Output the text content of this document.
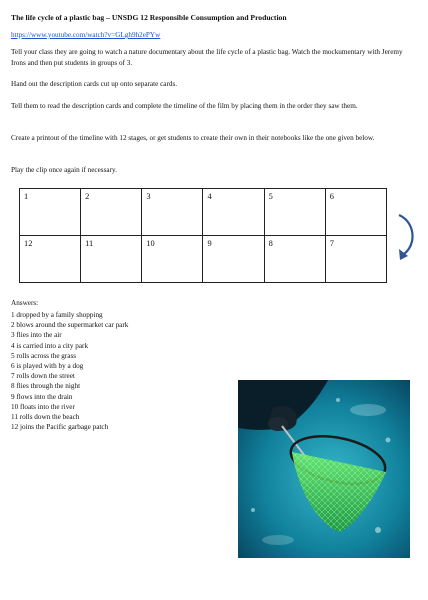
The life cycle of a plastic bag – UNSDG 12 Responsible Consumption and Production
https://www.youtube.com/watch?v=GLgh9h2ePYw

Tell your class they are going to watch a nature documentary about the life cycle of a plastic bag. Watch the mockumentary with Jeremy Irons and then put students in groups of 3.

Hand out the description cards cut up onto separate cards.

Tell them to read the description cards and complete the timeline of the film by placing them in the order they saw them.

Create a printout of the timeline with 12 stages, or get students to create their own in their notebooks like the one given below.

Play the clip once again if necessary.

1	2	3	4	5	6
12	11	10	9	8	7
Answers:
1 dropped by a family shopping
2 blows around the supermarket car park
3 flies into the air
4 is carried into a city park
5 rolls across the grass
6 is played with by a dog
7 rolls down the street
8 flies through the night
9 flows into the drain
10 floats into the river
11 rolls down the beach
12 joins the Pacific garbage patch
